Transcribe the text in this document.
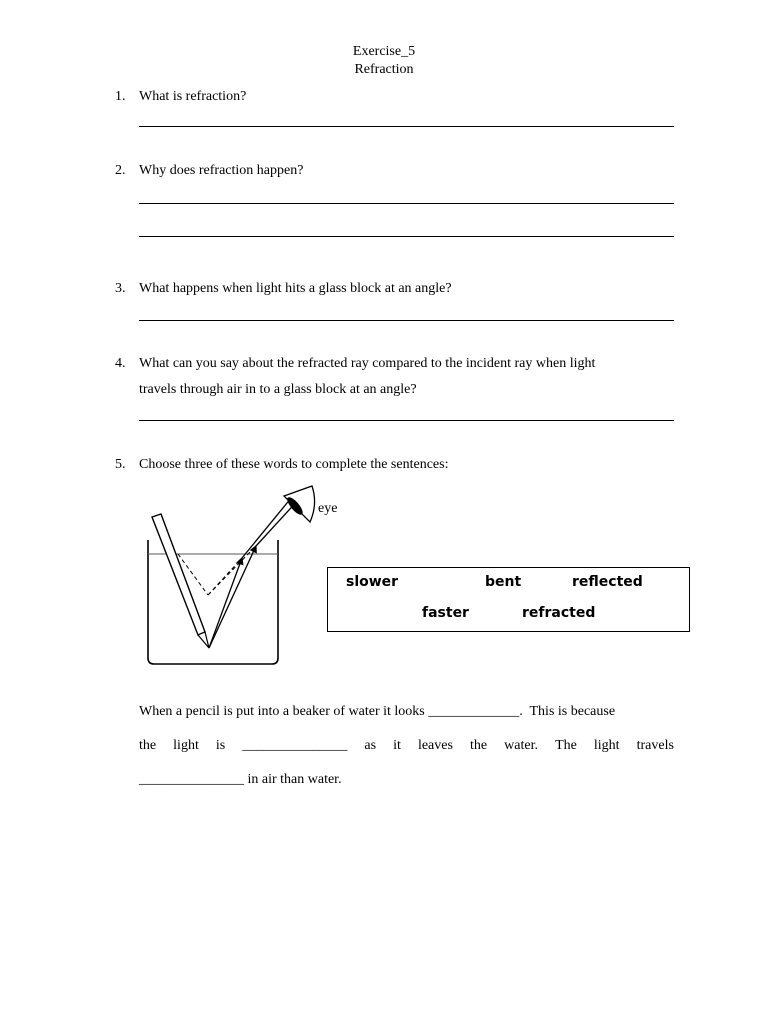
Exercise_5
Refraction
1. What is refraction?
2. Why does refraction happen?
3. What happens when light hits a glass block at an angle?
4. What can you say about the refracted ray compared to the incident ray when light
travels through air in to a glass block at an angle?
5. Choose three of these words to complete the sentences:
eye
slower	bent	reflected
faster	refracted
When a pencil is put into a beaker of water it looks _____________. This is because
the light is _______________ as it leaves the water. The light travels
_______________ in air than water.
